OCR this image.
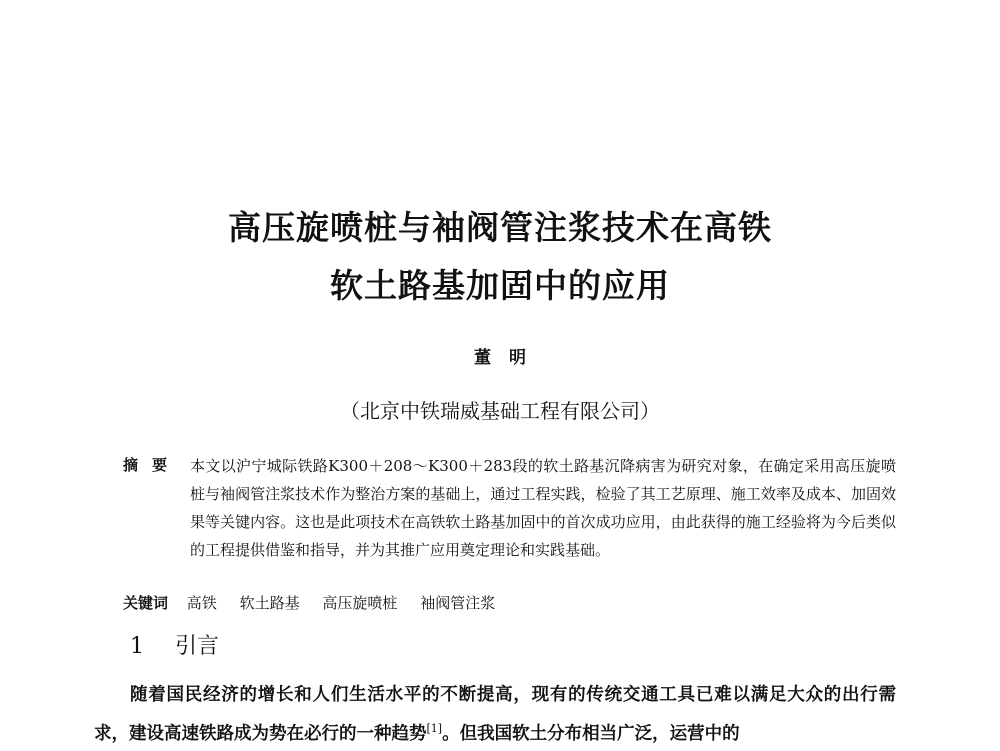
高压旋喷桩与袖阀管注浆技术在高铁
软土路基加固中的应用
董明
（北京中铁瑞威基础工程有限公司）
摘要 本文以沪宁城际铁路K300＋208～K300＋283段的软土路基沉降病害为研究对象，在确定采用高压旋喷桩与袖阀管注浆技术作为整治方案的基础上，通过工程实践，检验了其工艺原理、施工效率及成本、加固效果等关键内容。这也是此项技术在高铁软土路基加固中的首次成功应用，由此获得的施工经验将为今后类似的工程提供借鉴和指导，并为其推广应用奠定理论和实践基础。
关键词 高铁 软土路基 高压旋喷桩 袖阀管注浆
1 引言
随着国民经济的增长和人们生活水平的不断提高，现有的传统交通工具已难以满足大众的出行需求，建设高速铁路成为势在必行的一种趋势[1]。但我国软土分布相当广泛，运营中的
